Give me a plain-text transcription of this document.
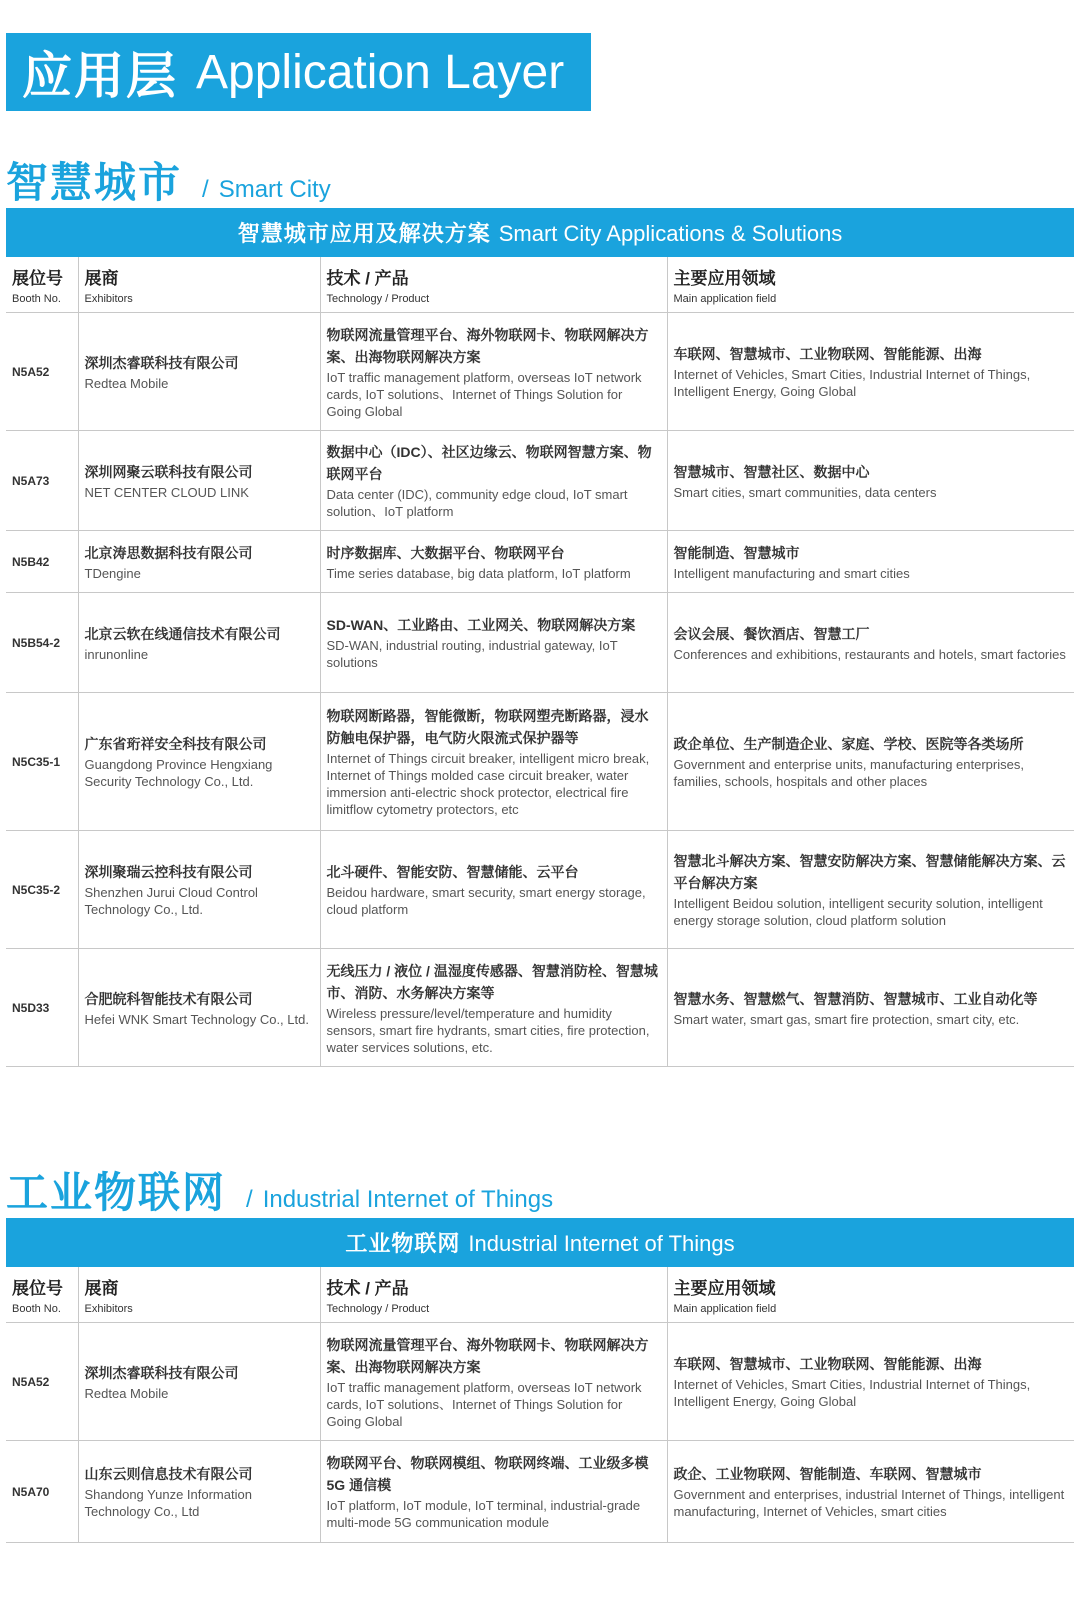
应用层 Application Layer
智慧城市 / Smart City
智慧城市应用及解决方案 Smart City Applications & Solutions			

展位号
Booth No.	展商
Exhibitors	技术 / 产品
Technology / Product	主要应用领域
Main application field

N5A52	深圳杰睿联科技有限公司
Redtea Mobile	物联网流量管理平台、海外物联网卡、物联网解决方案、出海物联网解决方案
IoT traffic management platform, overseas IoT network cards, IoT solutions、Internet of Things Solution for Going Global	车联网、智慧城市、工业物联网、智能能源、出海
Internet of Vehicles, Smart Cities, Industrial Internet of Things, Intelligent Energy, Going Global

N5A73	深圳网聚云联科技有限公司
NET CENTER CLOUD LINK	数据中心（IDC）、社区边缘云、物联网智慧方案、物联网平台
Data center (IDC), community edge cloud, IoT smart solution、IoT platform	智慧城市、智慧社区、数据中心
Smart cities, smart communities, data centers

N5B42	北京涛思数据科技有限公司
TDengine	时序数据库、大数据平台、物联网平台
Time series database, big data platform, IoT platform	智能制造、智慧城市
Intelligent manufacturing and smart cities

N5B54-2	北京云软在线通信技术有限公司
inrunonline	SD-WAN、工业路由、工业网关、物联网解决方案
SD-WAN, industrial routing, industrial gateway, IoT solutions	会议会展、餐饮酒店、智慧工厂
Conferences and exhibitions, restaurants and hotels, smart factories

N5C35-1	广东省珩祥安全科技有限公司
Guangdong Province Hengxiang Security Technology Co., Ltd.	物联网断路器，智能微断，物联网塑壳断路器，浸水防触电保护器，电气防火限流式保护器等
Internet of Things circuit breaker, intelligent micro break, Internet of Things molded case circuit breaker, water immersion anti-electric shock protector, electrical fire limitflow cytometry protectors, etc	政企单位、生产制造企业、家庭、学校、医院等各类场所
Government and enterprise units, manufacturing enterprises, families, schools, hospitals and other places

N5C35-2	深圳聚瑞云控科技有限公司
Shenzhen Jurui Cloud Control Technology Co., Ltd.	北斗硬件、智能安防、智慧储能、云平台
Beidou hardware, smart security, smart energy storage, cloud platform	智慧北斗解决方案、智慧安防解决方案、智慧储能解决方案、云平台解决方案
Intelligent Beidou solution, intelligent security solution, intelligent energy storage solution, cloud platform solution

N5D33	合肥皖科智能技术有限公司
Hefei WNK Smart Technology Co., Ltd.	无线压力 / 液位 / 温湿度传感器、智慧消防栓、智慧城市、消防、水务解决方案等
Wireless pressure/level/temperature and humidity sensors, smart fire hydrants, smart cities, fire protection, water services solutions, etc.	智慧水务、智慧燃气、智慧消防、智慧城市、工业自动化等
Smart water, smart gas, smart fire protection, smart city, etc.
工业物联网 / Industrial Internet of Things
工业物联网 Industrial Internet of Things			

展位号
Booth No.	展商
Exhibitors	技术 / 产品
Technology / Product	主要应用领域
Main application field

N5A52	深圳杰睿联科技有限公司
Redtea Mobile	物联网流量管理平台、海外物联网卡、物联网解决方案、出海物联网解决方案
IoT traffic management platform, overseas IoT network cards, IoT solutions、Internet of Things Solution for Going Global	车联网、智慧城市、工业物联网、智能能源、出海
Internet of Vehicles, Smart Cities, Industrial Internet of Things, Intelligent Energy, Going Global

N5A70	山东云则信息技术有限公司
Shandong Yunze Information Technology Co., Ltd	物联网平台、物联网模组、物联网终端、工业级多模 5G 通信模
IoT platform, IoT module, IoT terminal, industrial-grade multi-mode 5G communication module	政企、工业物联网、智能制造、车联网、智慧城市
Government and enterprises, industrial Internet of Things, intelligent manufacturing, Internet of Vehicles, smart cities
